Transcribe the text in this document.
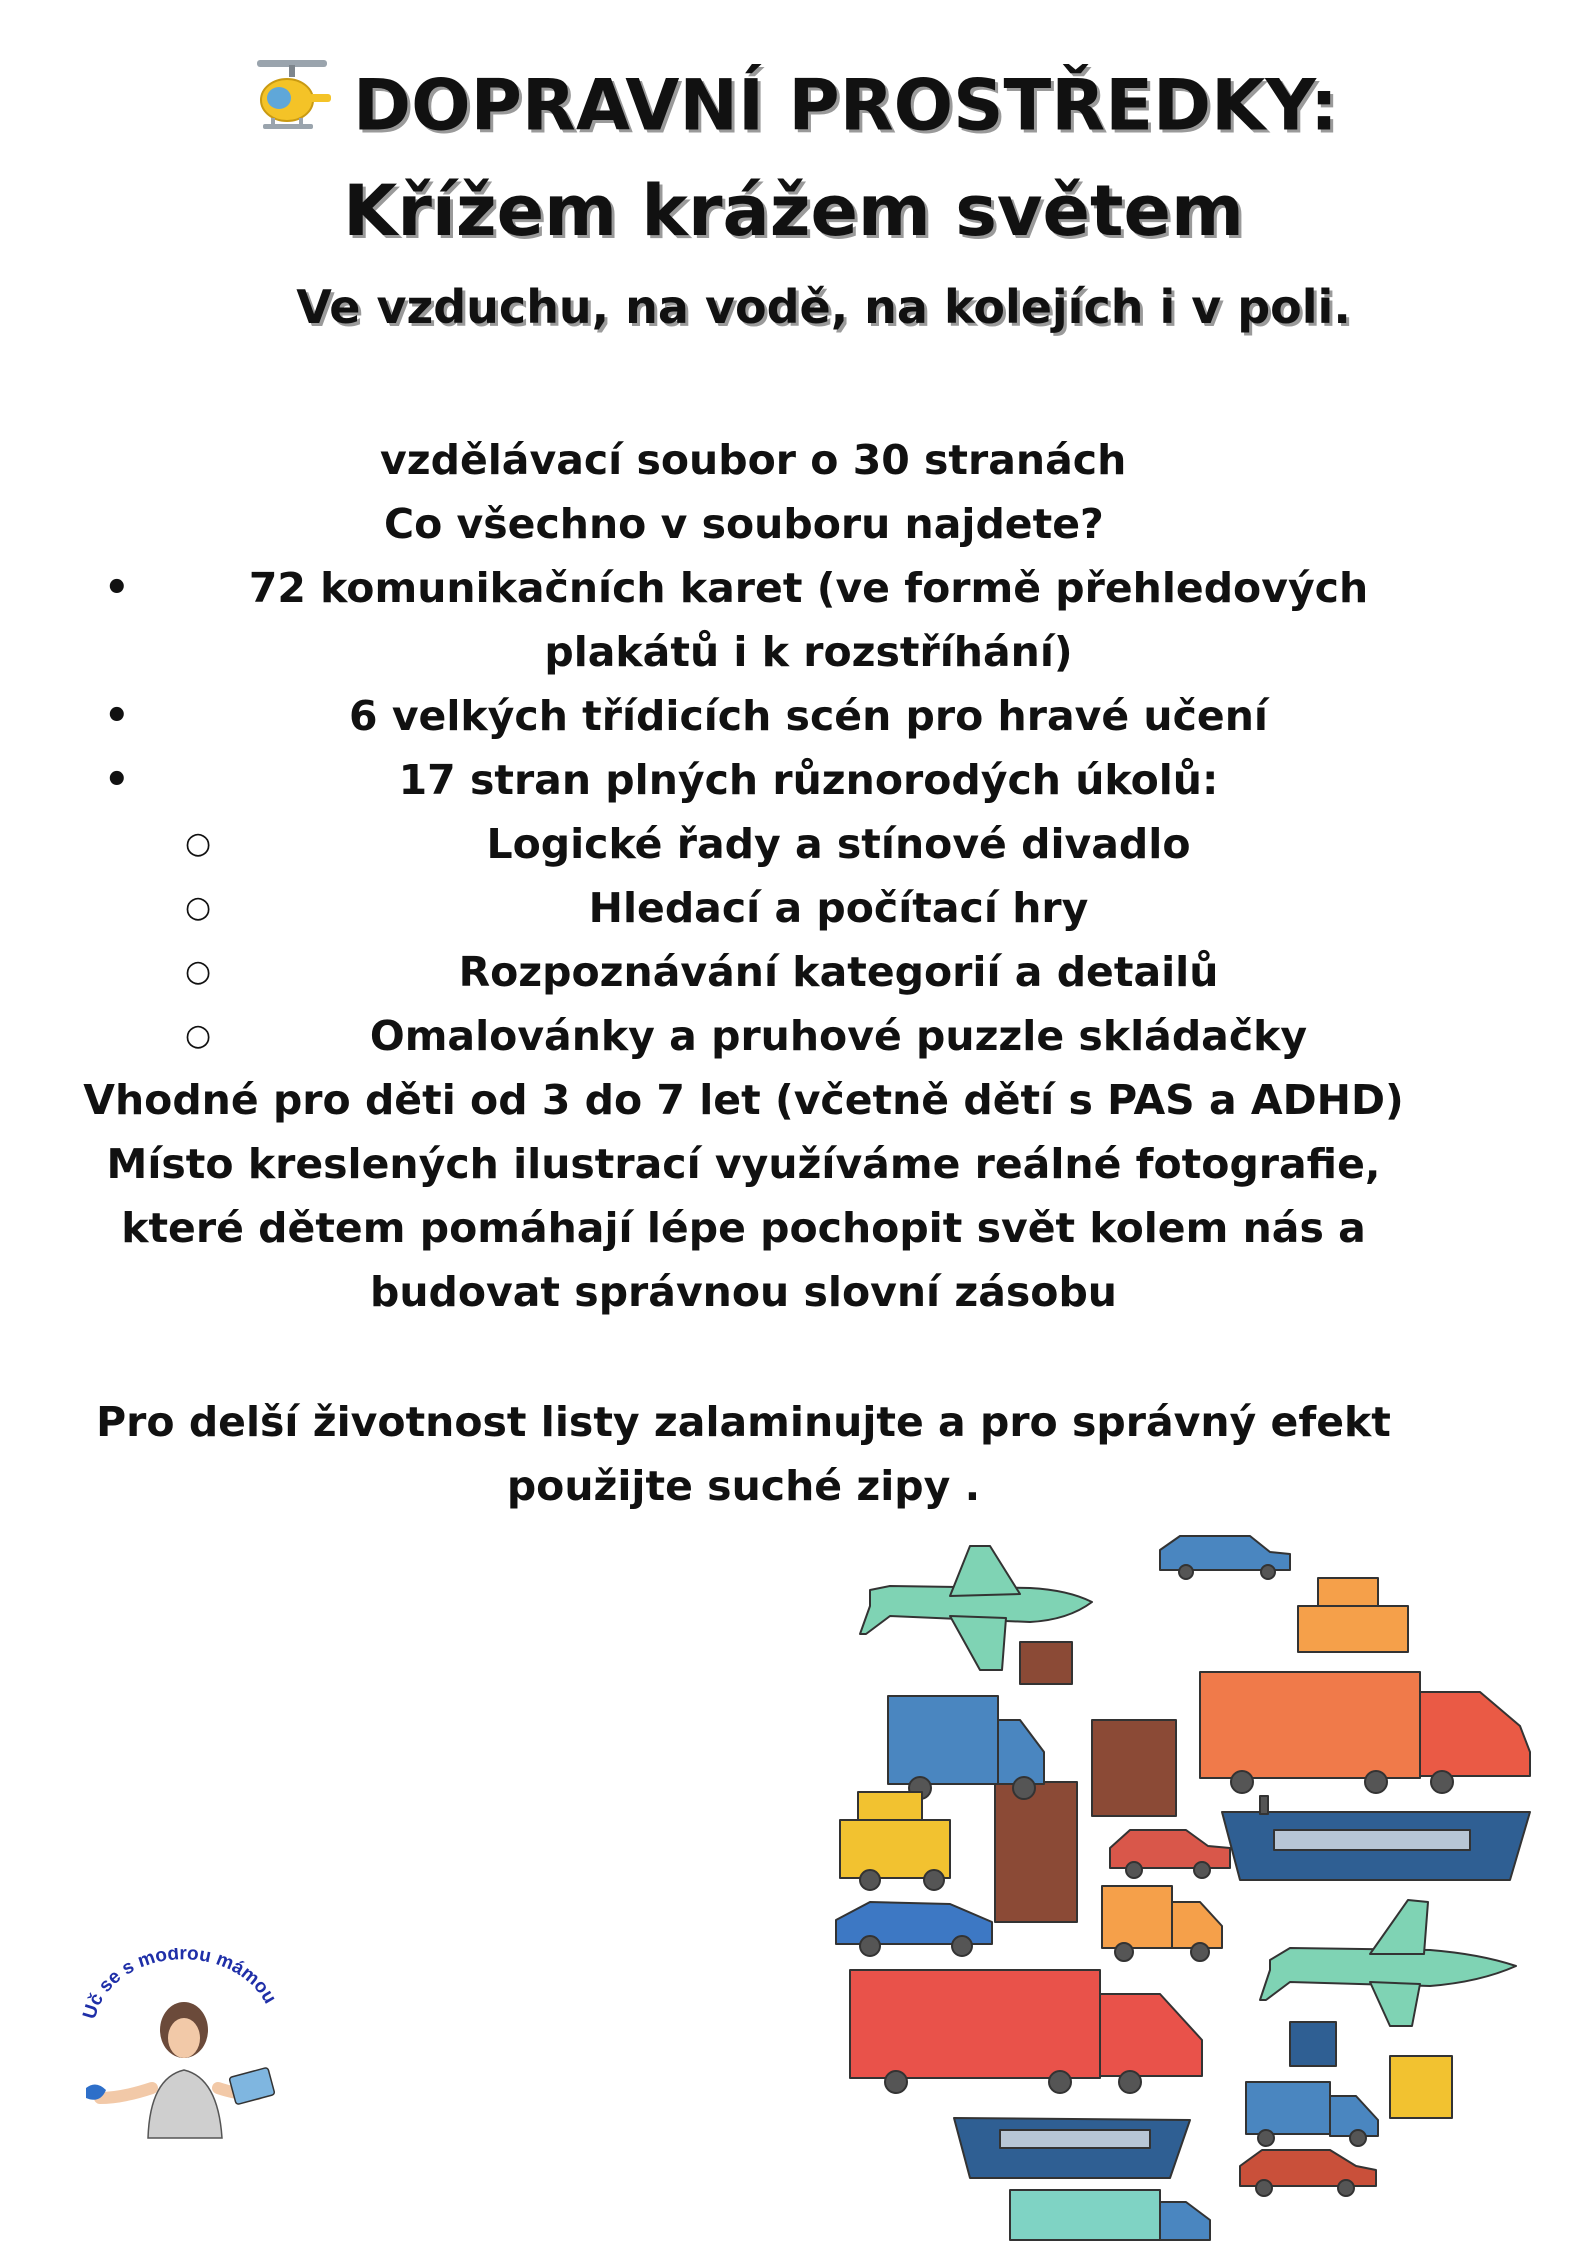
DOPRAVNÍ PROSTŘEDKY:
Křížem krážem světem
Ve vzduchu, na vodě, na kolejích i v poli.
vzdělávací soubor o 30 stranách
Co všechno v souboru najdete?
•	72 komunikačních karet (ve formě přehledových
plakátů i k rozstříhání)
•	6 velkých třídicích scén pro hravé učení
•	17 stran plných různorodých úkolů:
○	Logické řady a stínové divadlo
○	Hledací a počítací hry
○	Rozpoznávání kategorií a detailů
○	Omalovánky a pruhové puzzle skládačky
Vhodné pro děti od 3 do 7 let (včetně dětí s PAS a ADHD)
Místo kreslených ilustrací využíváme reálné fotografie,
které dětem pomáhají lépe pochopit svět kolem nás a
budovat správnou slovní zásobu
Pro delší životnost listy zalaminujte a pro správný efekt
použijte suché zipy .
Uč se s modrou mámou
